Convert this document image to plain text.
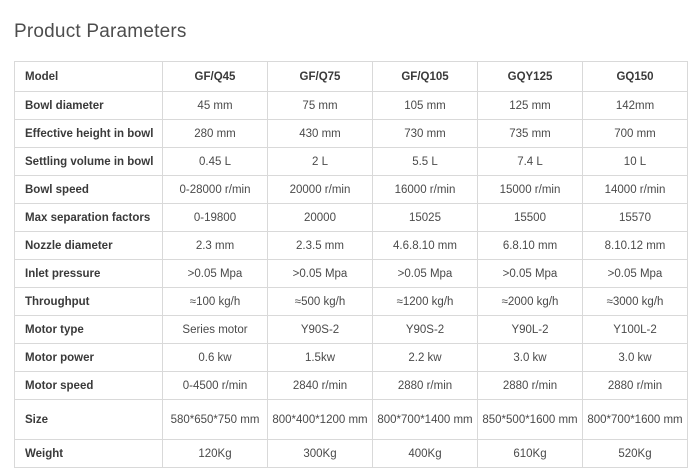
Product Parameters
Model	GF/Q45	GF/Q75	GF/Q105	GQY125	GQ150
Bowl diameter	45 mm	75 mm	105 mm	125 mm	142mm
Effective height in bowl	280 mm	430 mm	730 mm	735 mm	700 mm
Settling volume in bowl	0.45 L	2 L	5.5 L	7.4 L	10 L
Bowl speed	0-28000 r/min	20000 r/min	16000 r/min	15000 r/min	14000 r/min
Max separation factors	0-19800	20000	15025	15500	15570
Nozzle diameter	2.3 mm	2.3.5 mm	4.6.8.10 mm	6.8.10 mm	8.10.12 mm
Inlet pressure	>0.05 Mpa	>0.05 Mpa	>0.05 Mpa	>0.05 Mpa	>0.05 Mpa
Throughput	≈100 kg/h	≈500 kg/h	≈1200 kg/h	≈2000 kg/h	≈3000 kg/h
Motor type	Series motor	Y90S-2	Y90S-2	Y90L-2	Y100L-2
Motor power	0.6 kw	1.5kw	2.2 kw	3.0 kw	3.0 kw
Motor speed	0-4500 r/min	2840 r/min	2880 r/min	2880 r/min	2880 r/min
Size	580*650*750 mm	800*400*1200 mm	800*700*1400 mm	850*500*1600 mm	800*700*1600 mm
Weight	120Kg	300Kg	400Kg	610Kg	520Kg
